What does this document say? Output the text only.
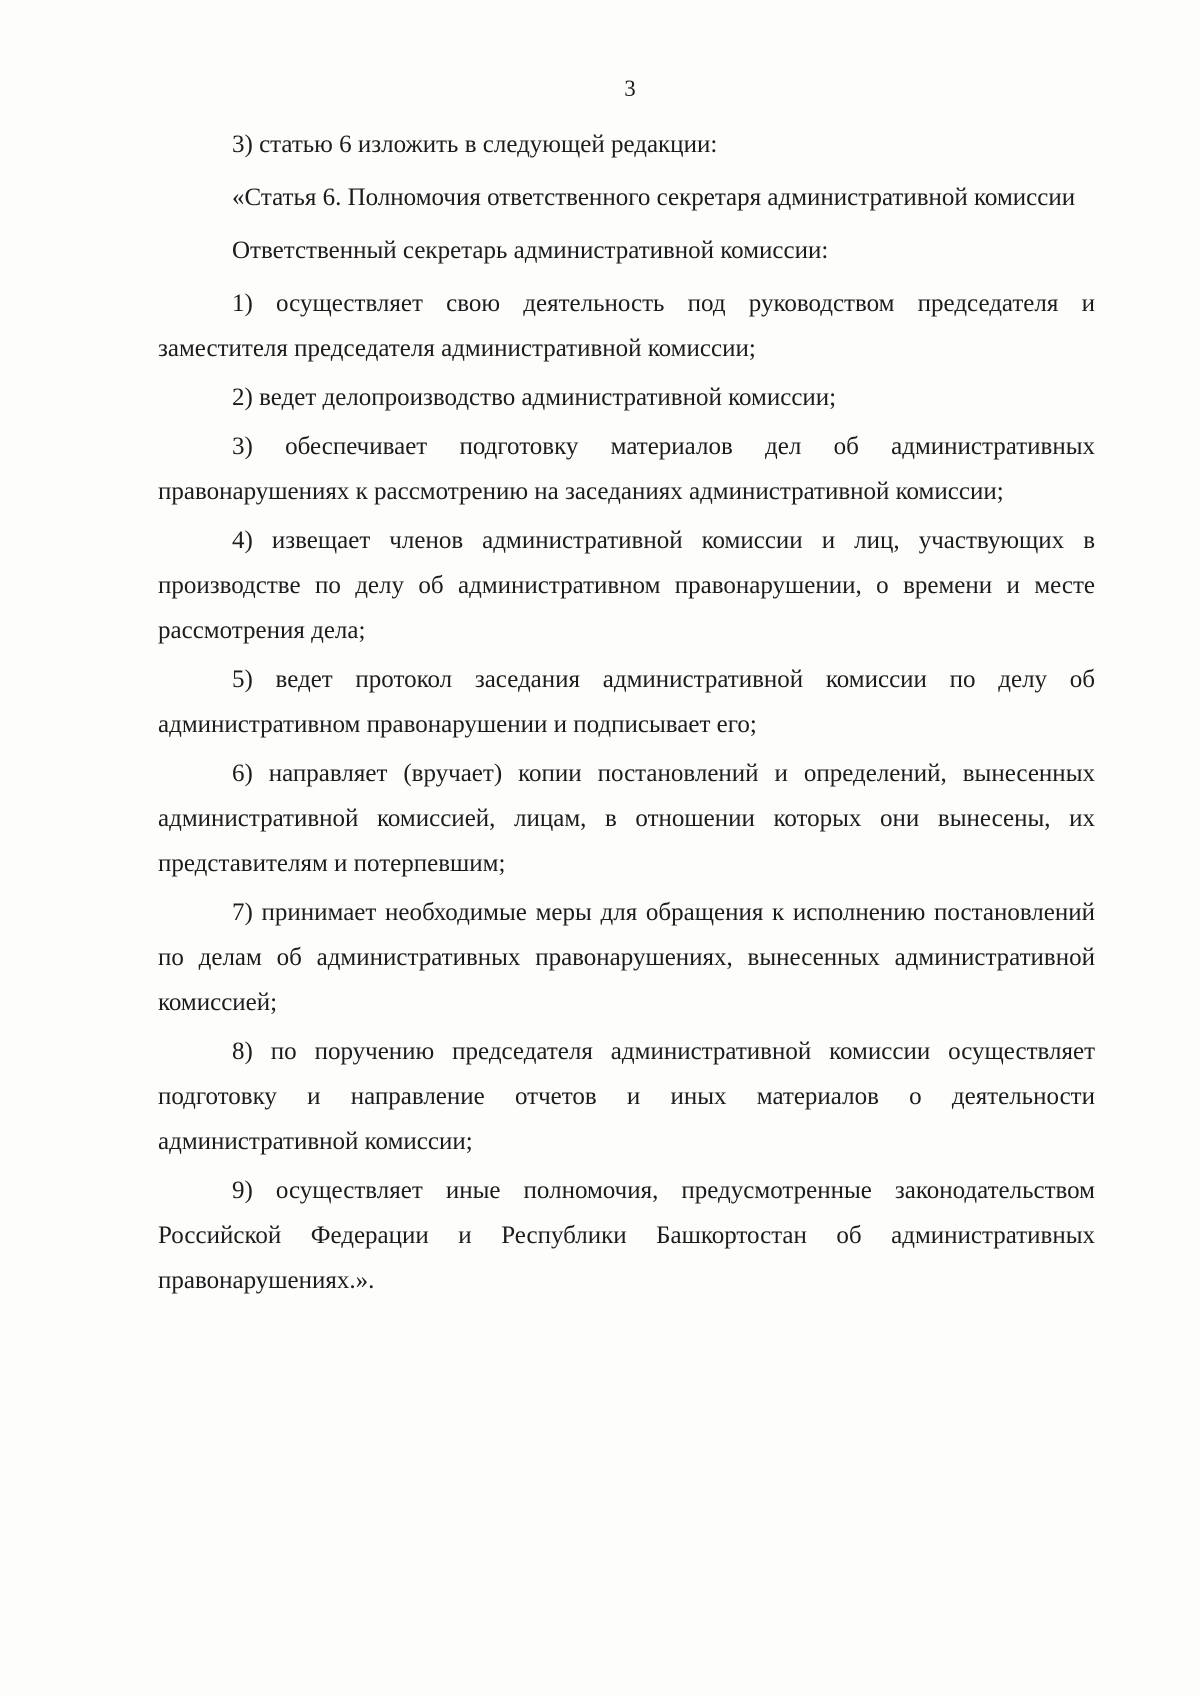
3

3) статью 6 изложить в следующей редакции:

«Статья 6. Полномочия ответственного секретаря административной комиссии

Ответственный секретарь административной комиссии:

1) осуществляет свою деятельность под руководством председателя и заместителя председателя административной комиссии;

2) ведет делопроизводство административной комиссии;

3) обеспечивает подготовку материалов дел об административных правонарушениях к рассмотрению на заседаниях административной комиссии;

4) извещает членов административной комиссии и лиц, участвующих в производстве по делу об административном правонарушении, о времени и месте рассмотрения дела;

5) ведет протокол заседания административной комиссии по делу об административном правонарушении и подписывает его;

6) направляет (вручает) копии постановлений и определений, вынесенных административной комиссией, лицам, в отношении которых они вынесены, их представителям и потерпевшим;

7) принимает необходимые меры для обращения к исполнению постановлений по делам об административных правонарушениях, вынесенных административной комиссией;

8) по поручению председателя административной комиссии осуществляет подготовку и направление отчетов и иных материалов о деятельности административной комиссии;

9) осуществляет иные полномочия, предусмотренные законодательством Российской Федерации и Республики Башкортостан об административных правонарушениях.».
